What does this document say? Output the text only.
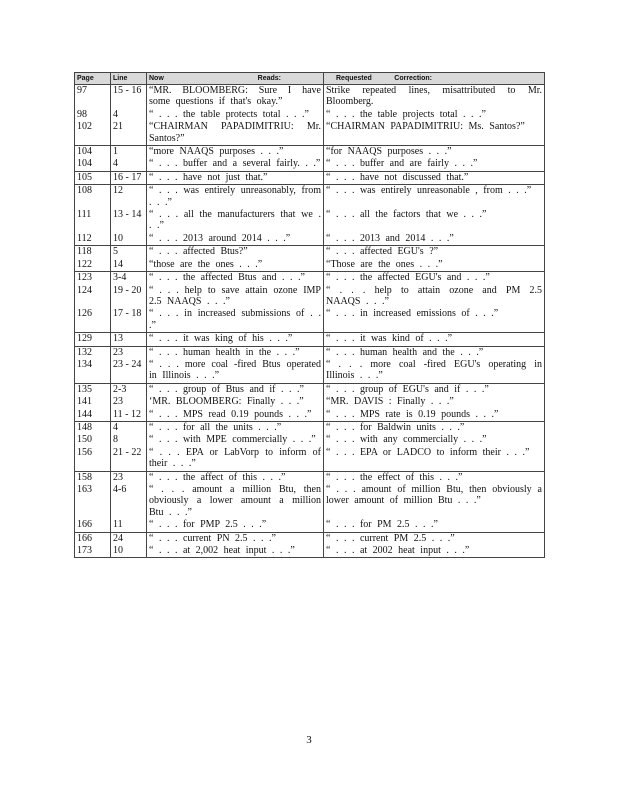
Page	Line	Now Reads:	Requested Correction:

97	15 - 16	“MR. BLOOMBERG: Sure I have some questions if that's okay.”	Strike repeated lines, misattributed to Mr. Bloomberg.
98	4	“ . . . the table protects total . . .”	“ . . . the table projects total . . .”
102	21	“CHAIRMAN PAPADIMITRIU: Mr. Santos?”	“CHAIRMAN PAPADIMITRIU: Ms. Santos?”
104	1	“more NAAQS purposes . . .”	“for NAAQS purposes . . .”
104	4	“ . . . buffer and a several fairly. . .”	“ . . . buffer and are fairly . . .”
105	16 - 17	“ . . . have not just that.”	“ . . . have not discussed that.”
108	12	“ . . . was entirely unreasonably, from . . .”	“ . . . was entirely unreasonable , from . . .”
111	13 - 14	“ . . . all the manufacturers that we . . .”	“ . . . all the factors that we . . .”
112	10	“ . . . 2013 around 2014 . . .”	“ . . . 2013 and 2014 . . .”
118	5	“ . . . affected Btus?”	“ . . . affected EGU's ?”
122	14	“those are the ones . . .”	“Those are the ones . . .”
123	3-4	“ . . . the affected Btus and . . .”	“ . . . the affected EGU's and . . .”
124	19 - 20	“ . . . help to save attain ozone IMP 2.5 NAAQS . . .”	“ . . . help to attain ozone and PM 2.5 NAAQS . . .”
126	17 - 18	“ . . . in increased submissions of . . .”	“ . . . in increased emissions of . . .”
129	13	“ . . . it was king of his . . .”	“ . . . it was kind of . . .”
132	23	“ . . . human health in the . . .”	“ . . . human health and the . . .”
134	23 - 24	“ . . . more coal -fired Btus operated in Illinois . . .”	“ . . . more coal -fired EGU's operating in Illinois . . .”
135	2-3	“ . . . group of Btus and if . . .”	“ . . . group of EGU's and if . . .”
141	23	‘MR. BLOOMBERG: Finally . . .”	“MR. DAVIS : Finally . . .”
144	11 - 12	“ . . . MPS read 0.19 pounds . . .”	“ . . . MPS rate is 0.19 pounds . . .”
148	4	“ . . . for all the units . . .”	“ . . . for Baldwin units . . .”
150	8	“ . . . with MPE commercially . . .”	“ . . . with any commercially . . .”
156	21 - 22	“ . . . EPA or LabVorp to inform of their . . .”	“ . . . EPA or LADCO to inform their . . .”
158	23	“ . . . the affect of this . . .”	“ . . . the effect of this . . .”
163	4-6	“ . . . amount a million Btu, then obviously a lower amount a million Btu . . .”	“ . . . amount of million Btu, then obviously a lower amount of million Btu . . .”
166	11	“ . . . for PMP 2.5 . . .”	“ . . . for PM 2.5 . . .”
166	24	“ . . . current PN 2.5 . . .”	“ . . . current PM 2.5 . . .”
173	10	“ . . . at 2,002 heat input . . .”	“ . . . at 2002 heat input . . .”
3
